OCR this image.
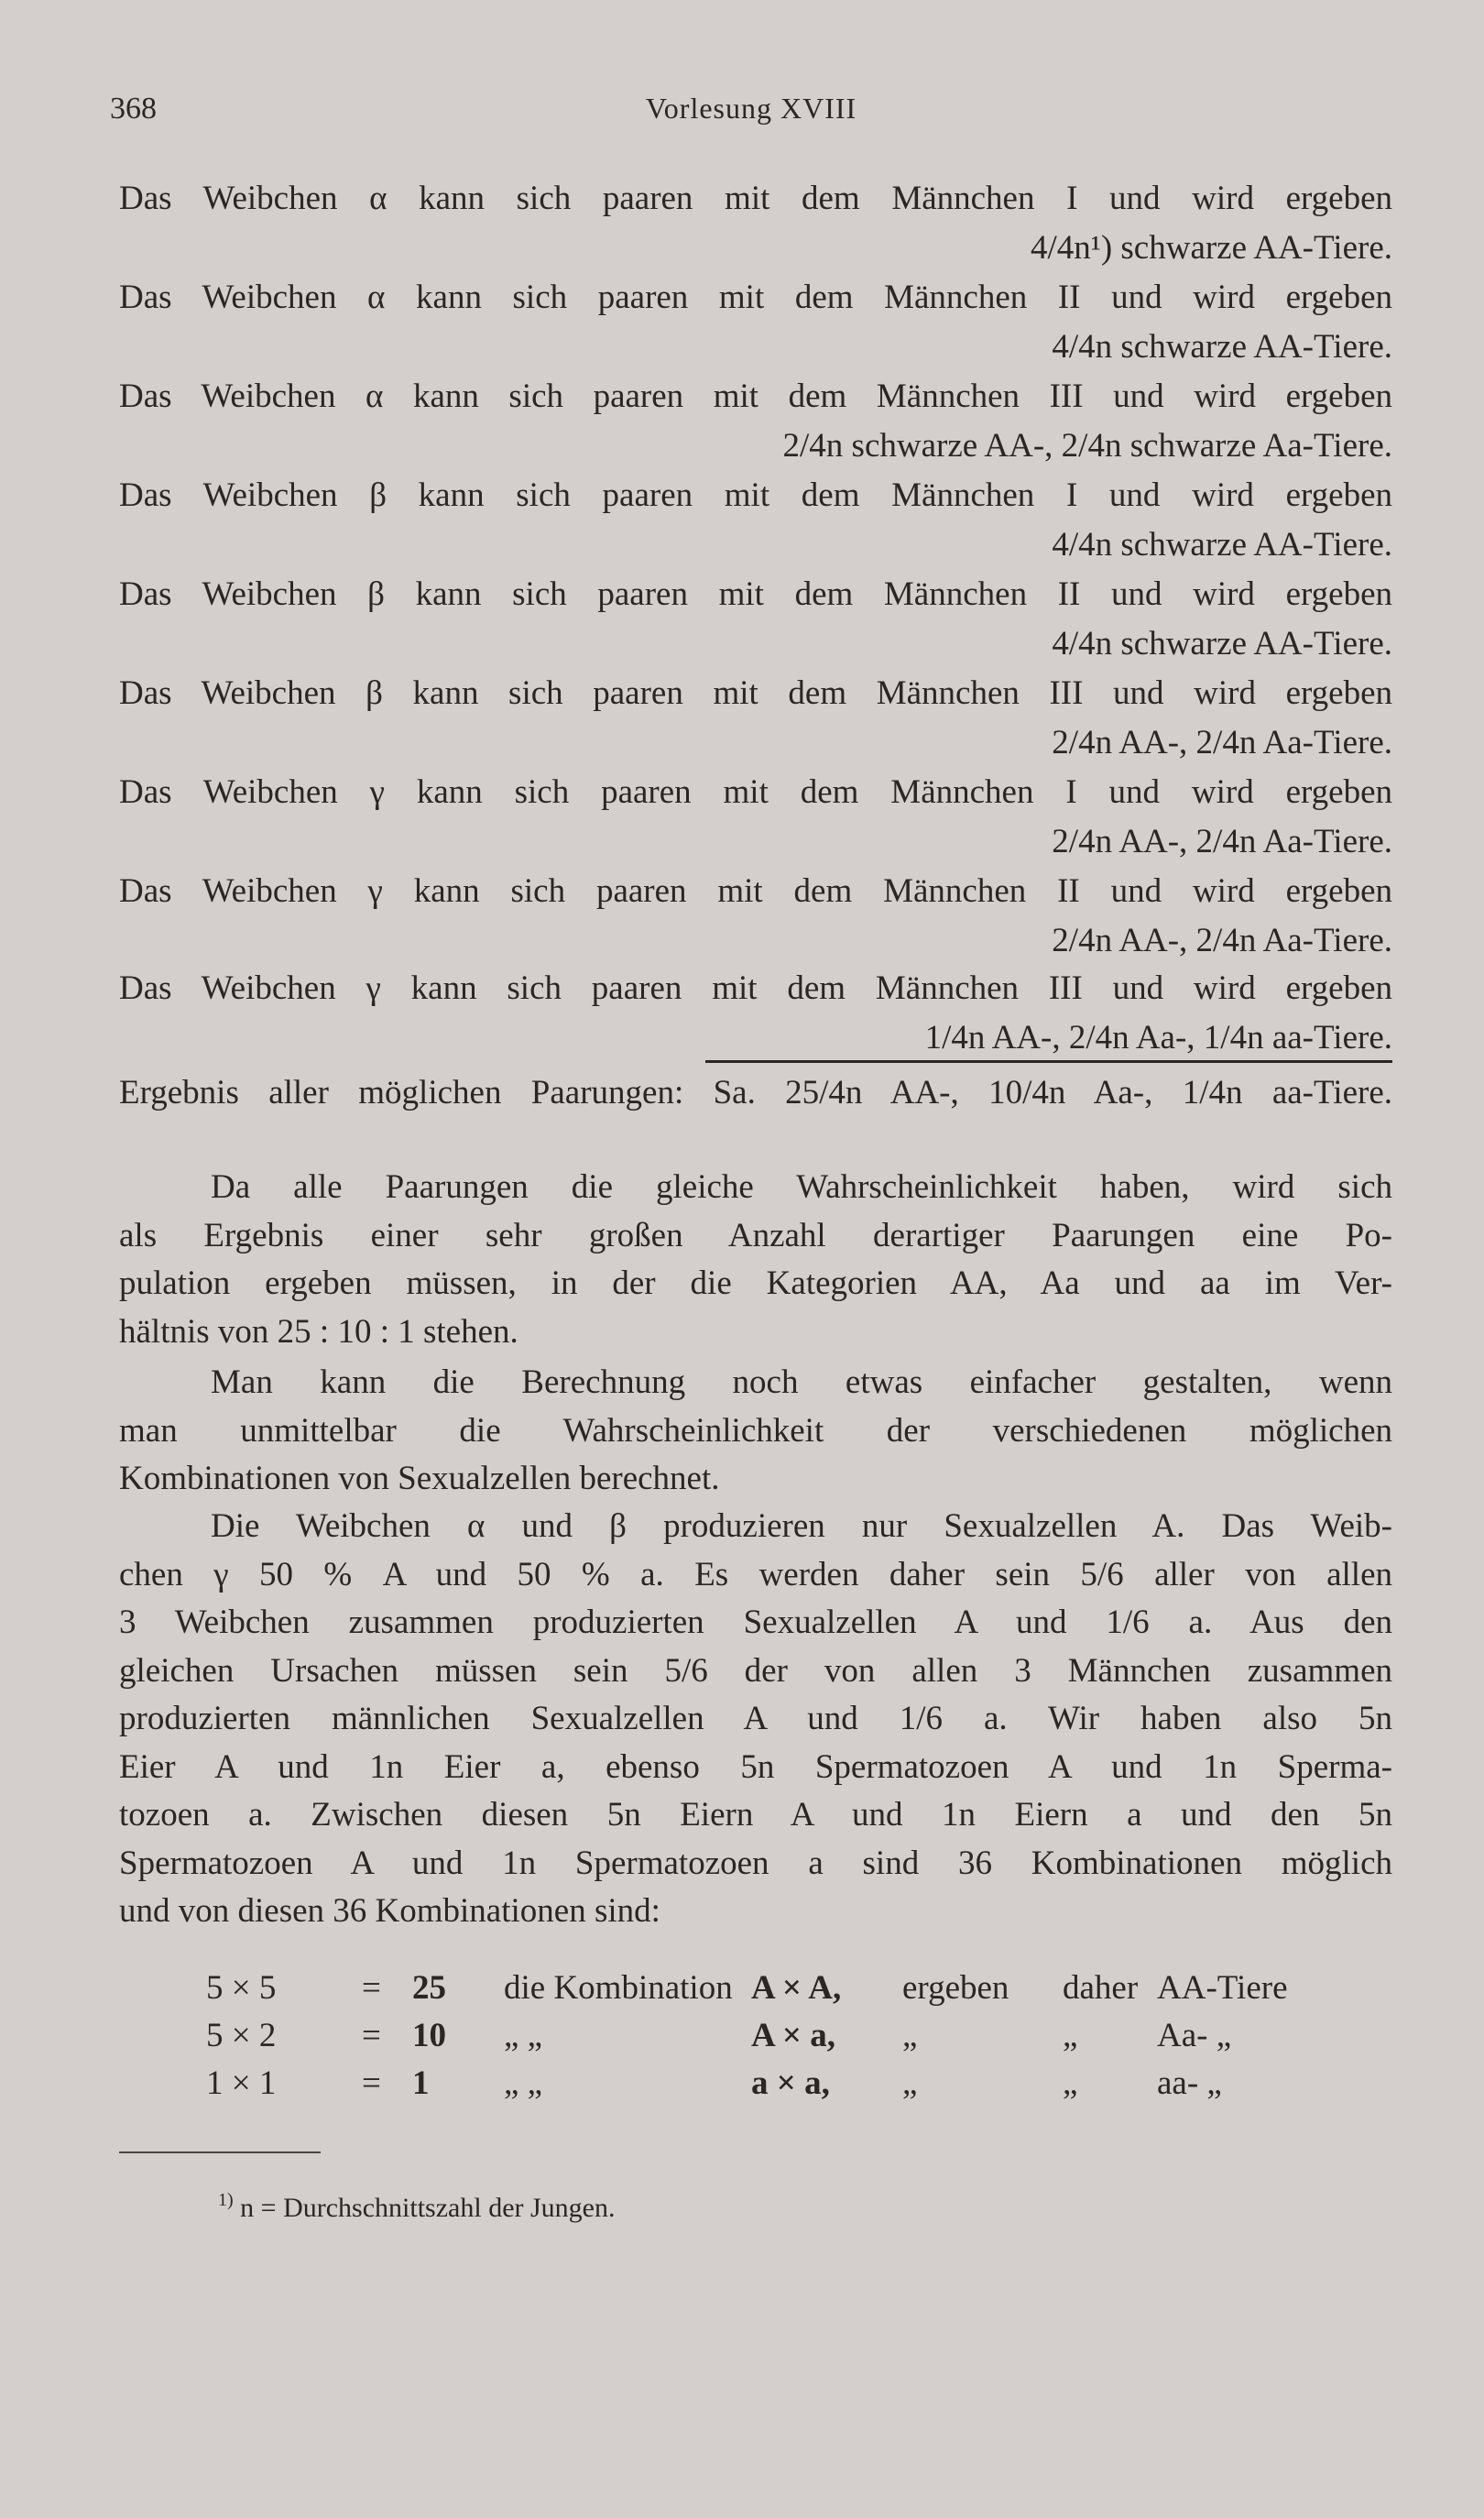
368	Vorlesung XVIII
Das Weibchen α kann sich paaren mit dem Männchen I und wird ergeben
4/4n¹) schwarze AA-Tiere.
Das Weibchen α kann sich paaren mit dem Männchen II und wird ergeben
4/4n schwarze AA-Tiere.
Das Weibchen α kann sich paaren mit dem Männchen III und wird ergeben
2/4n schwarze AA-, 2/4n schwarze Aa-Tiere.
Das Weibchen β kann sich paaren mit dem Männchen I und wird ergeben
4/4n schwarze AA-Tiere.
Das Weibchen β kann sich paaren mit dem Männchen II und wird ergeben
4/4n schwarze AA-Tiere.
Das Weibchen β kann sich paaren mit dem Männchen III und wird ergeben
2/4n AA-, 2/4n Aa-Tiere.
Das Weibchen γ kann sich paaren mit dem Männchen I und wird ergeben
2/4n AA-, 2/4n Aa-Tiere.
Das Weibchen γ kann sich paaren mit dem Männchen II und wird ergeben
2/4n AA-, 2/4n Aa-Tiere.
Das Weibchen γ kann sich paaren mit dem Männchen III und wird ergeben
1/4n AA-, 2/4n Aa-, 1/4n aa-Tiere.
Ergebnis aller möglichen Paarungen: Sa. 25/4n AA-, 10/4n Aa-, 1/4n aa-Tiere.
Da alle Paarungen die gleiche Wahrscheinlichkeit haben, wird sich
als Ergebnis einer sehr großen Anzahl derartiger Paarungen eine Po-
pulation ergeben müssen, in der die Kategorien AA, Aa und aa im Ver-
hältnis von 25 : 10 : 1 stehen.
Man kann die Berechnung noch etwas einfacher gestalten, wenn
man unmittelbar die Wahrscheinlichkeit der verschiedenen möglichen
Kombinationen von Sexualzellen berechnet.
Die Weibchen α und β produzieren nur Sexualzellen A. Das Weib-
chen γ 50 % A und 50 % a. Es werden daher sein 5/6 aller von allen
3 Weibchen zusammen produzierten Sexualzellen A und 1/6 a. Aus den
gleichen Ursachen müssen sein 5/6 der von allen 3 Männchen zusammen
produzierten männlichen Sexualzellen A und 1/6 a. Wir haben also 5n
Eier A und 1n Eier a, ebenso 5n Spermatozoen A und 1n Sperma-
tozoen a. Zwischen diesen 5n Eiern A und 1n Eiern a und den 5n
Spermatozoen A und 1n Spermatozoen a sind 36 Kombinationen möglich
und von diesen 36 Kombinationen sind:
5 × 5	= 25	die Kombination A × A, ergeben daher AA-Tiere
5 × 2	= 10	„ „	A × a, „	„ Aa- „
1 × 1	= 1	„ „	a × a, „	„ aa- „
$^{1)}$ n = Durchschnittszahl der Jungen.
